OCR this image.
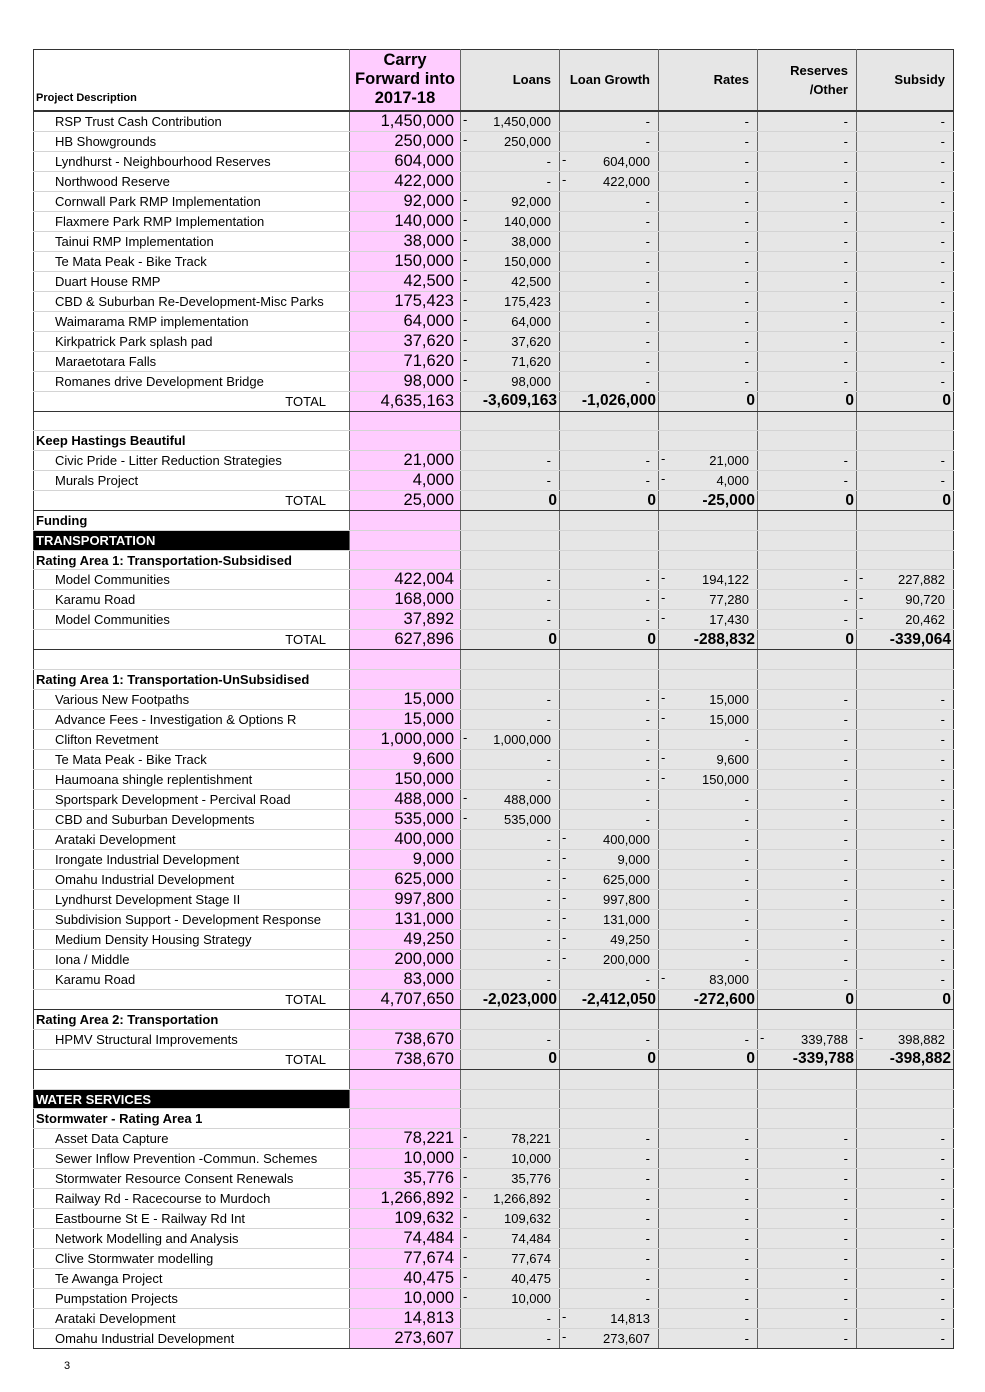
Project Description	Carry Forward into 2017-18	Loans	Loan Growth	Rates	Reserves /Other	Subsidy
RSP Trust Cash Contribution	1,450,000	- 1,450,000	-	-	-	-
HB Showgrounds	250,000	- 250,000	-	-	-	-
Lyndhurst - Neighbourhood Reserves	604,000	-	- 604,000	-	-	-
Northwood Reserve	422,000	-	- 422,000	-	-	-
Cornwall Park RMP Implementation	92,000	- 92,000	-	-	-	-
Flaxmere Park RMP Implementation	140,000	- 140,000	-	-	-	-
Tainui RMP Implementation	38,000	- 38,000	-	-	-	-
Te Mata Peak - Bike Track	150,000	- 150,000	-	-	-	-
Duart House RMP	42,500	- 42,500	-	-	-	-
CBD & Suburban Re-Development-Misc Parks	175,423	- 175,423	-	-	-	-
Waimarama RMP implementation	64,000	- 64,000	-	-	-	-
Kirkpatrick Park splash pad	37,620	- 37,620	-	-	-	-
Maraetotara Falls	71,620	- 71,620	-	-	-	-
Romanes drive Development Bridge	98,000	- 98,000	-	-	-	-
TOTAL	4,635,163	-3,609,163	-1,026,000	0	0	0

Keep Hastings Beautiful						
Civic Pride - Litter Reduction Strategies	21,000	-	-	- 21,000	-	-
Murals Project	4,000	-	-	- 4,000	-	-
TOTAL	25,000	0	0	-25,000	0	0
Funding						
TRANSPORTATION						
Rating Area 1: Transportation-Subsidised						
Model Communities	422,004	-	-	- 194,122	-	- 227,882
Karamu Road	168,000	-	-	- 77,280	-	- 90,720
Model Communities	37,892	-	-	- 17,430	-	- 20,462
TOTAL	627,896	0	0	-288,832	0	-339,064

Rating Area 1: Transportation-UnSubsidised						
Various New Footpaths	15,000	-	-	- 15,000	-	-
Advance Fees - Investigation & Options R	15,000	-	-	- 15,000	-	-
Clifton Revetment	1,000,000	- 1,000,000	-	-	-	-
Te Mata Peak - Bike Track	9,600	-	-	- 9,600	-	-
Haumoana shingle replentishment	150,000	-	-	- 150,000	-	-
Sportspark Development - Percival Road	488,000	- 488,000	-	-	-	-
CBD and Suburban Developments	535,000	- 535,000	-	-	-	-
Arataki Development	400,000	-	- 400,000	-	-	-
Irongate Industrial Development	9,000	-	- 9,000	-	-	-
Omahu Industrial Development	625,000	-	- 625,000	-	-	-
Lyndhurst Development Stage II	997,800	-	- 997,800	-	-	-
Subdivision Support - Development Response	131,000	-	- 131,000	-	-	-
Medium Density Housing Strategy	49,250	-	- 49,250	-	-	-
Iona / Middle	200,000	-	- 200,000	-	-	-
Karamu Road	83,000	-	-	- 83,000	-	-
TOTAL	4,707,650	-2,023,000	-2,412,050	-272,600	0	0
Rating Area 2: Transportation						
HPMV Structural Improvements	738,670	-	-	-	- 339,788	- 398,882
TOTAL	738,670	0	0	0	-339,788	-398,882

WATER SERVICES						
Stormwater - Rating Area 1						
Asset Data Capture	78,221	- 78,221	-	-	-	-
Sewer Inflow Prevention -Commun. Schemes	10,000	- 10,000	-	-	-	-
Stormwater Resource Consent Renewals	35,776	- 35,776	-	-	-	-
Railway Rd - Racecourse to Murdoch	1,266,892	- 1,266,892	-	-	-	-
Eastbourne St E - Railway Rd Int	109,632	- 109,632	-	-	-	-
Network Modelling and Analysis	74,484	- 74,484	-	-	-	-
Clive Stormwater modelling	77,674	- 77,674	-	-	-	-
Te Awanga Project	40,475	- 40,475	-	-	-	-
Pumpstation Projects	10,000	- 10,000	-	-	-	-
Arataki Development	14,813	-	- 14,813	-	-	-
Omahu Industrial Development	273,607	-	- 273,607	-	-	-
3
